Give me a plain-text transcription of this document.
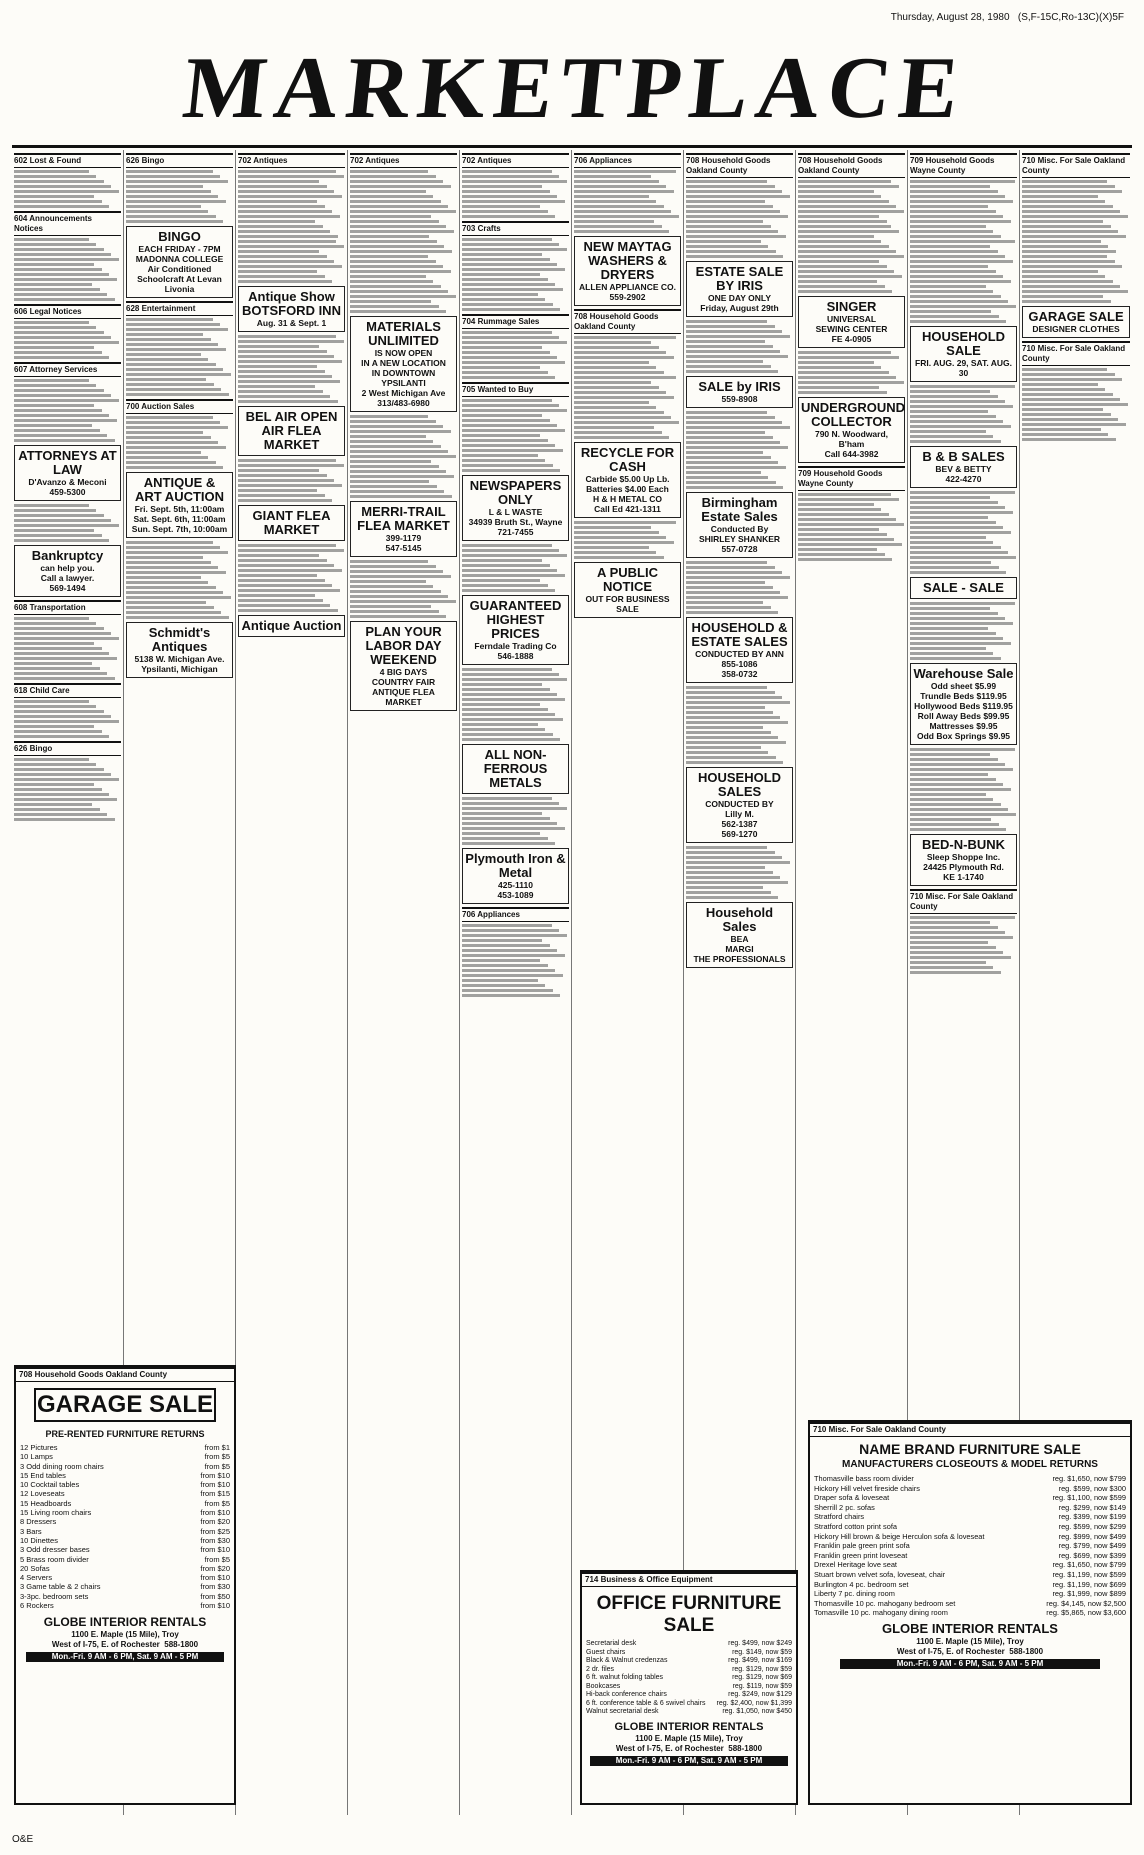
Thursday, August 28, 1980 (S,F-15C,Ro-13C)(X)5F
MARKETPLACE
602 Lost & Found
604 Announcements Notices
606 Legal Notices
607 Attorney Services
ATTORNEYS AT LAW
D'Avanzo & Meconi
459-5300
Bankruptcy
can help you.
Call a lawyer.
569-1494
608 Transportation
618 Child Care
626 Bingo
626 Bingo
BINGO
EACH FRIDAY - 7PM
MADONNA COLLEGE
Air Conditioned
Schoolcraft At Levan
Livonia
628 Entertainment
700 Auction Sales
ANTIQUE & ART AUCTION
Fri. Sept. 5th, 11:00am
Sat. Sept. 6th, 11:00am
Sun. Sept. 7th, 10:00am
Schmidt's Antiques
5138 W. Michigan Ave.
Ypsilanti, Michigan
702 Antiques
Antique Show BOTSFORD INN
Aug. 31 & Sept. 1
BEL AIR OPEN AIR FLEA MARKET
GIANT FLEA MARKET
Antique Auction
702 Antiques
MATERIALS UNLIMITED
IS NOW OPEN
IN A NEW LOCATION
IN DOWNTOWN YPSILANTI
2 West Michigan Ave
313/483-6980
MERRI-TRAIL FLEA MARKET
399-1179
547-5145
PLAN YOUR LABOR DAY WEEKEND
4 BIG DAYS
COUNTRY FAIR
ANTIQUE FLEA MARKET
702 Antiques
703 Crafts
704 Rummage Sales
705 Wanted to Buy
NEWSPAPERS ONLY
L & L WASTE
34939 Bruth St., Wayne
721-7455
GUARANTEED HIGHEST PRICES
Ferndale Trading Co
546-1888
ALL NON-FERROUS METALS
Plymouth Iron & Metal
425-1110
453-1089
706 Appliances
706 Appliances
NEW MAYTAG WASHERS & DRYERS
ALLEN APPLIANCE CO.
559-2902
708 Household Goods Oakland County
RECYCLE FOR CASH
Carbide $5.00 Up Lb.
Batteries $4.00 Each
H & H METAL CO
Call Ed 421-1311
A PUBLIC NOTICE
OUT FOR BUSINESS
SALE
708 Household Goods Oakland County
ESTATE SALE BY IRIS
ONE DAY ONLY
Friday, August 29th
SALE by IRIS
559-8908
Birmingham Estate Sales
Conducted By
SHIRLEY SHANKER
557-0728
HOUSEHOLD & ESTATE SALES
CONDUCTED BY ANN
855-1086
358-0732
HOUSEHOLD SALES
CONDUCTED BY
Lilly M.
562-1387
569-1270
Household Sales
BEA
MARGI
THE PROFESSIONALS
708 Household Goods Oakland County
SINGER
UNIVERSAL
SEWING CENTER
FE 4-0905
UNDERGROUND COLLECTOR
790 N. Woodward, B'ham
Call 644-3982
709 Household Goods Wayne County
709 Household Goods Wayne County
HOUSEHOLD SALE
FRI. AUG. 29, SAT. AUG. 30
B & B SALES
BEV & BETTY
422-4270
SALE - SALE
Warehouse Sale
Odd sheet $5.99
Trundle Beds $119.95
Hollywood Beds $119.95
Roll Away Beds $99.95
Mattresses $9.95
Odd Box Springs $9.95
BED-N-BUNK
Sleep Shoppe Inc.
24425 Plymouth Rd.
KE 1-1740
710 Misc. For Sale Oakland County
710 Misc. For Sale Oakland County
GARAGE SALE
DESIGNER CLOTHES
710 Misc. For Sale Oakland County
708 Household Goods Oakland County
GARAGE SALE
PRE-RENTED FURNITURE RETURNS
12 Pictures	from $1
10 Lamps	from $5
3 Odd dining room chairs	from $5
15 End tables	from $10
10 Cocktail tables	from $10
12 Loveseats	from $15
15 Headboards	from $5
15 Living room chairs	from $10
8 Dressers	from $20
3 Bars	from $25
10 Dinettes	from $30
3 Odd dresser bases	from $10
5 Brass room divider	from $5
20 Sofas	from $20
4 Servers	from $10
3 Game table & 2 chairs	from $30
3-3pc. bedroom sets	from $50
6 Rockers	from $10
GLOBE INTERIOR RENTALS
1100 E. Maple (15 Mile), Troy
West of I-75, E. of Rochester 588-1800
Mon.-Fri. 9 AM - 6 PM, Sat. 9 AM - 5 PM
714 Business & Office Equipment
OFFICE FURNITURE
SALE
Secretarial desk	reg. $499, now $249
Guest chairs	reg. $149, now $59
Black & Walnut credenzas	reg. $499, now $169
2 dr. files	reg. $129, now $59
6 ft. walnut folding tables	reg. $129, now $69
Bookcases	reg. $119, now $59
Hi-back conference chairs	reg. $249, now $129
6 ft. conference table & 6 swivel chairs reg. $2,400, now $1,399
Walnut secretarial desk	reg. $1,050, now $450
GLOBE INTERIOR RENTALS
1100 E. Maple (15 Mile), Troy
West of I-75, E. of Rochester 588-1800
Mon.-Fri. 9 AM - 6 PM, Sat. 9 AM - 5 PM
710 Misc. For Sale Oakland County
NAME BRAND FURNITURE SALE
MANUFACTURERS CLOSEOUTS & MODEL RETURNS
Thomasville bass room divider	reg. $1,650, now $799
Hickory Hill velvet fireside chairs	reg. $599, now $300
Draper sofa & loveseat	reg. $1,100, now $599
Sherrill 2 pc. sofas	reg. $299, now $149
Stratford chairs	reg. $399, now $199
Stratford cotton print sofa	reg. $599, now $299
Hickory Hill brown & beige Herculon sofa & loveseat	reg. $999, now $499
Franklin pale green print sofa	reg. $799, now $499
Franklin green print loveseat	reg. $699, now $399
Drexel Heritage love seat	reg. $1,650, now $799
Stuart brown velvet sofa, loveseat, chair	reg. $1,199, now $599
Burlington 4 pc. bedroom set	reg. $1,199, now $699
Liberty 7 pc. dining room	reg. $1,999, now $899
Thomasville 10 pc. mahogany bedroom set	reg. $4,145, now $2,500
Tomasville 10 pc. mahogany dining room	reg. $5,865, now $3,600
GLOBE INTERIOR RENTALS
1100 E. Maple (15 Mile), Troy
West of I-75, E. of Rochester 588-1800
Mon.-Fri. 9 AM - 6 PM, Sat. 9 AM - 5 PM
O&E
